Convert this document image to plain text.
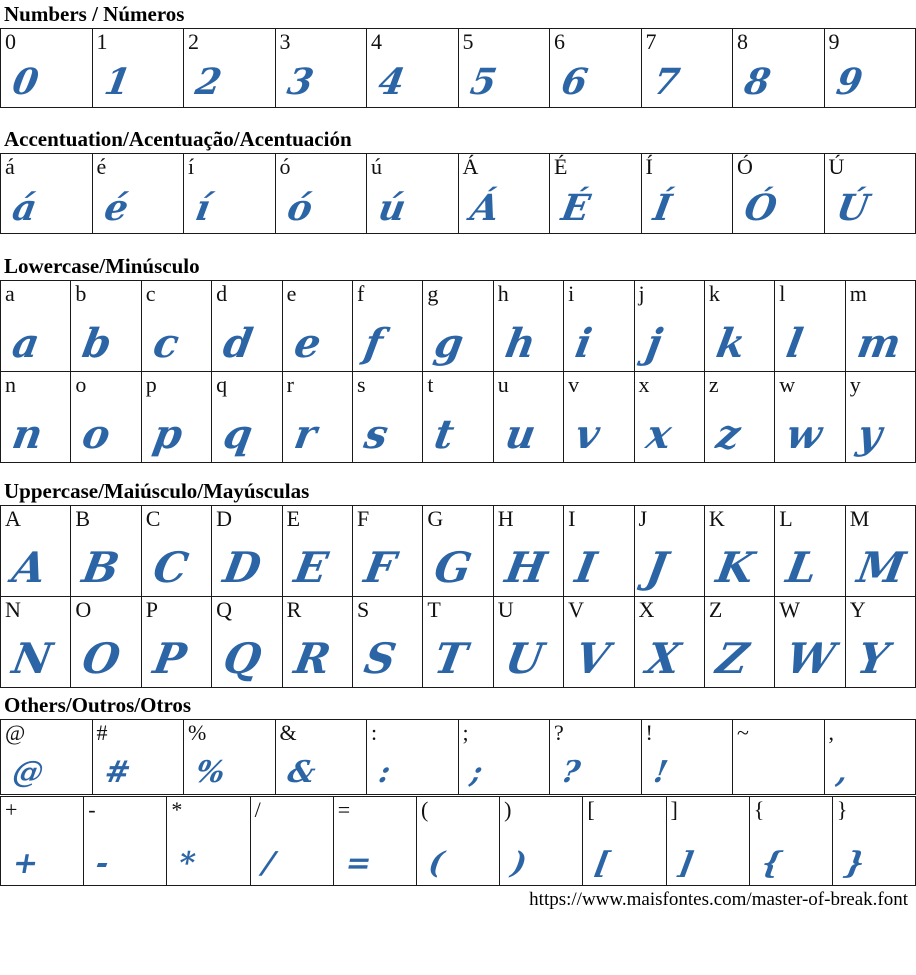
Numbers / Números
0
0
1
1
2
2
3
3
4
4
5
5
6
6
7
7
8
8
9
9
Accentuation/Acentuação/Acentuación
á
á
é
é
í
í
ó
ó
ú
ú
Á
Á
É
É
Í
Í
Ó
Ó
Ú
Ú
Lowercase/Minúsculo
a
a
b
b
c
c
d
d
e
e
f
f
g
g
h
h
i
i
j
j
k
k
l
l
m
m
n
n
o
o
p
p
q
q
r
r
s
s
t
t
u
u
v
v
x
x
z
z
w
w
y
y
Uppercase/Maiúsculo/Mayúsculas
A
A
B
B
C
C
D
D
E
E
F
F
G
G
H
H
I
I
J
J
K
K
L
L
M
M
N
N
O
O
P
P
Q
Q
R
R
S
S
T
T
U
U
V
V
X
X
Z
Z
W
W
Y
Y
Others/Outros/Otros
@
@
#
#
%
%
&
&
:
:
;
;
?
?
!
!
~	,
,
+
+
-
-
*
*
/
/
=
=
(
(
)
)
[
[
]
]
{
{
}
}
https://www.maisfontes.com/master-of-break.font
